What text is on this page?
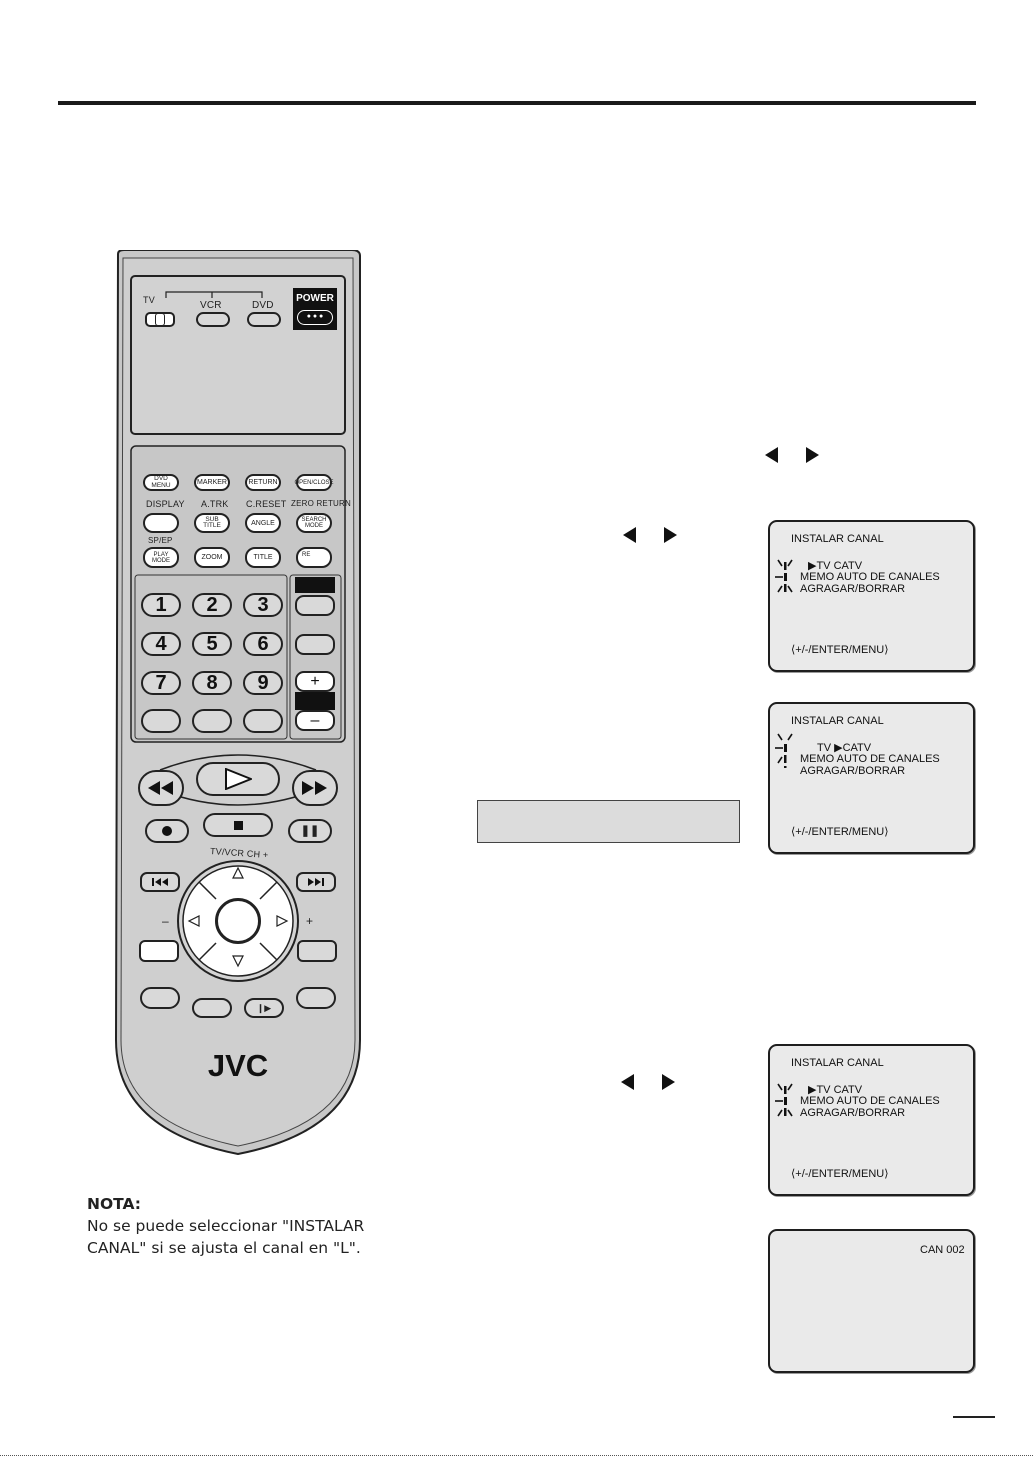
JVC
TV	VCR	DVD
POWER
● ● ●
DVD MENU	MARKER	RETURN	OPEN/CLOSE
DISPLAY A.TRK C.RESET ZERO RETURN
SUB TITLE	ANGLE	SEARCH MODE
SP/EP
PLAY MODE	ZOOM	TITLE	RE
1	2	3
4	5	6
7	8	9	+
–
❚❚
TV/VCR CH +
–	+
❙▶
INSTALAR CANAL
▶TV CATV
MEMO AUTO DE CANALES
AGRAGAR/BORRAR
⟨+/-/ENTER/MENU⟩
INSTALAR CANAL
TV ▶CATV
MEMO AUTO DE CANALES
AGRAGAR/BORRAR
⟨+/-/ENTER/MENU⟩
INSTALAR CANAL
▶TV CATV
MEMO AUTO DE CANALES
AGRAGAR/BORRAR
⟨+/-/ENTER/MENU⟩
CAN 002
NOTA:
No se puede seleccionar "INSTALAR
CANAL" si se ajusta el canal en "L".
